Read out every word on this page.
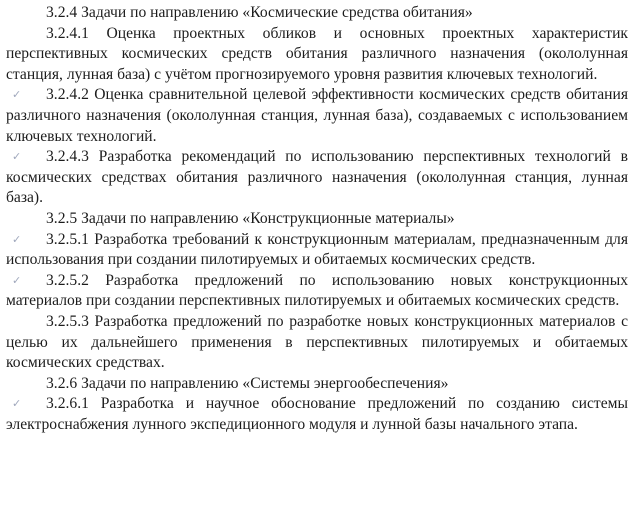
3.2.4 Задачи по направлению «Космические средства обитания»

3.2.4.1 Оценка проектных обликов и основных проектных характеристик перспективных космических средств обитания различного назначения (окололунная станция, лунная база) с учётом прогнозируемого уровня развития ключевых технологий.

✓	3.2.4.2 Оценка сравнительной целевой эффективности космических средств обитания различного назначения (окололунная станция, лунная база), создаваемых с использованием ключевых технологий.

✓	3.2.4.3 Разработка рекомендаций по использованию перспективных технологий в космических средствах обитания различного назначения (окололунная станция, лунная база).

3.2.5 Задачи по направлению «Конструкционные материалы»

✓	3.2.5.1 Разработка требований к конструкционным материалам, предназначенным для использования при создании пилотируемых и обитаемых космических средств.

✓	3.2.5.2 Разработка предложений по использованию новых конструкционных материалов при создании перспективных пилотируемых и обитаемых космических средств.

3.2.5.3 Разработка предложений по разработке новых конструкционных материалов с целью их дальнейшего применения в перспективных пилотируемых и обитаемых космических средствах.

3.2.6 Задачи по направлению «Системы энергообеспечения»

✓	3.2.6.1 Разработка и научное обоснование предложений по созданию системы электроснабжения лунного экспедиционного модуля и лунной базы начального этапа.
